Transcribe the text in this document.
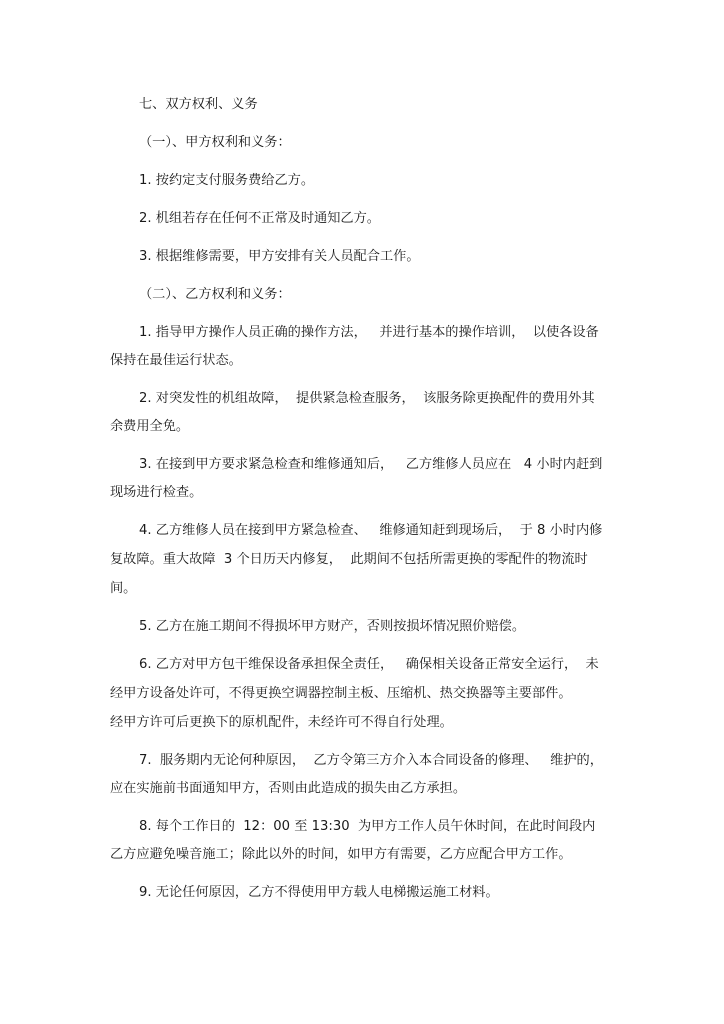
七、双方权利、义务

（一）、甲方权利和义务：

1. 按约定支付服务费给乙方。

2. 机组若存在任何不正常及时通知乙方。

3. 根据维修需要，甲方安排有关人员配合工作。

（二）、乙方权利和义务：

1. 指导甲方操作人员正确的操作方法，   并进行基本的操作培训，  以使各设备

保持在最佳运行状态。

2. 对突发性的机组故障，  提供紧急检查服务，  该服务除更换配件的费用外其

余费用全免。

3. 在接到甲方要求紧急检查和维修通知后，   乙方维修人员应在   4 小时内赶到

现场进行检查。

4. 乙方维修人员在接到甲方紧急检查、   维修通知赶到现场后，  于 8 小时内修

复故障。重大故障  3 个日历天内修复，  此期间不包括所需更换的零配件的物流时

间。

5. 乙方在施工期间不得损坏甲方财产，否则按损坏情况照价赔偿。

6. 乙方对甲方包干维保设备承担保全责任，   确保相关设备正常安全运行，  未

经甲方设备处许可，不得更换空调器控制主板、压缩机、热交换器等主要部件。

经甲方许可后更换下的原机配件，未经许可不得自行处理。

7.  服务期内无论何种原因，  乙方令第三方介入本合同设备的修理、   维护的，

应在实施前书面通知甲方，否则由此造成的损失由乙方承担。

8. 每个工作日的  12：00 至 13:30  为甲方工作人员午休时间，在此时间段内

乙方应避免噪音施工；除此以外的时间，如甲方有需要，乙方应配合甲方工作。

9. 无论任何原因，乙方不得使用甲方载人电梯搬运施工材料。
